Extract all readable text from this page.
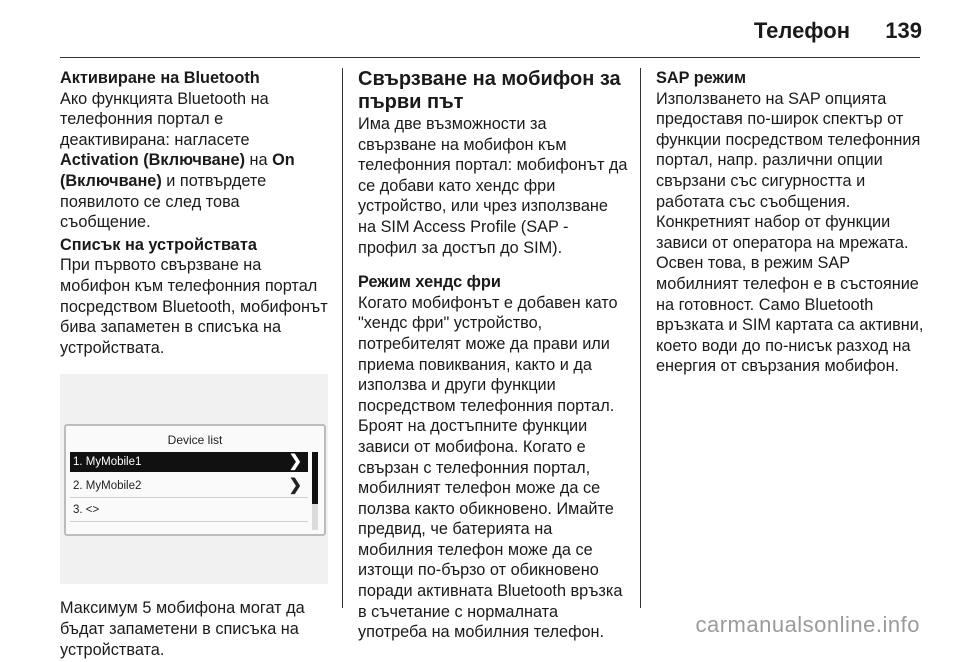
Телефон 139
Активиране на Bluetooth
Ако функцията Bluetooth на телефонния портал е деактивирана: нагласете Activation (Включване) на On (Включване) и потвърдете появилото се след това съобщение.
Списък на устройствата
При първото свързване на мобифон към телефонния портал посредством Bluetooth, мобифонът бива запаметен в списъка на устройствата.
Device list
1. MyMobile1	❯
2. MyMobile2	❯
3. <>
Максимум 5 мобифона могат да бъдат запаметени в списъка на устройствата.
Свързване на мобифон за първи път
Има две възможности за свързване на мобифон към телефонния портал: мобифонът да се добави като хендс фри устройство, или чрез използване на SIM Access Profile (SAP - профил за достъп до SIM).
Режим хендс фри
Когато мобифонът е добавен като "хендс фри" устройство, потребителят може да прави или приема повиквания, както и да използва и други функции посредством телефонния портал. Броят на достъпните функции зависи от мобифона. Когато е свързан с телефонния портал, мобилният телефон може да се ползва както обикновено. Имайте предвид, че батерията на мобилния телефон може да се изтощи по-бързо от обикновено поради активната Bluetooth връзка в съчетание с нормалната употреба на мобилния телефон.
SAP режим
Използването на SAP опцията предоставя по-широк спектър от функции посредством телефонния портал, напр. различни опции свързани със сигурността и работата със съобщения. Конкретният набор от функции зависи от оператора на мрежата. Освен това, в режим SAP мобилният телефон е в състояние на готовност. Само Bluetooth връзката и SIM картата са активни, което води до по-нисък разход на енергия от свързания мобифон.
carmanualsonline.info
